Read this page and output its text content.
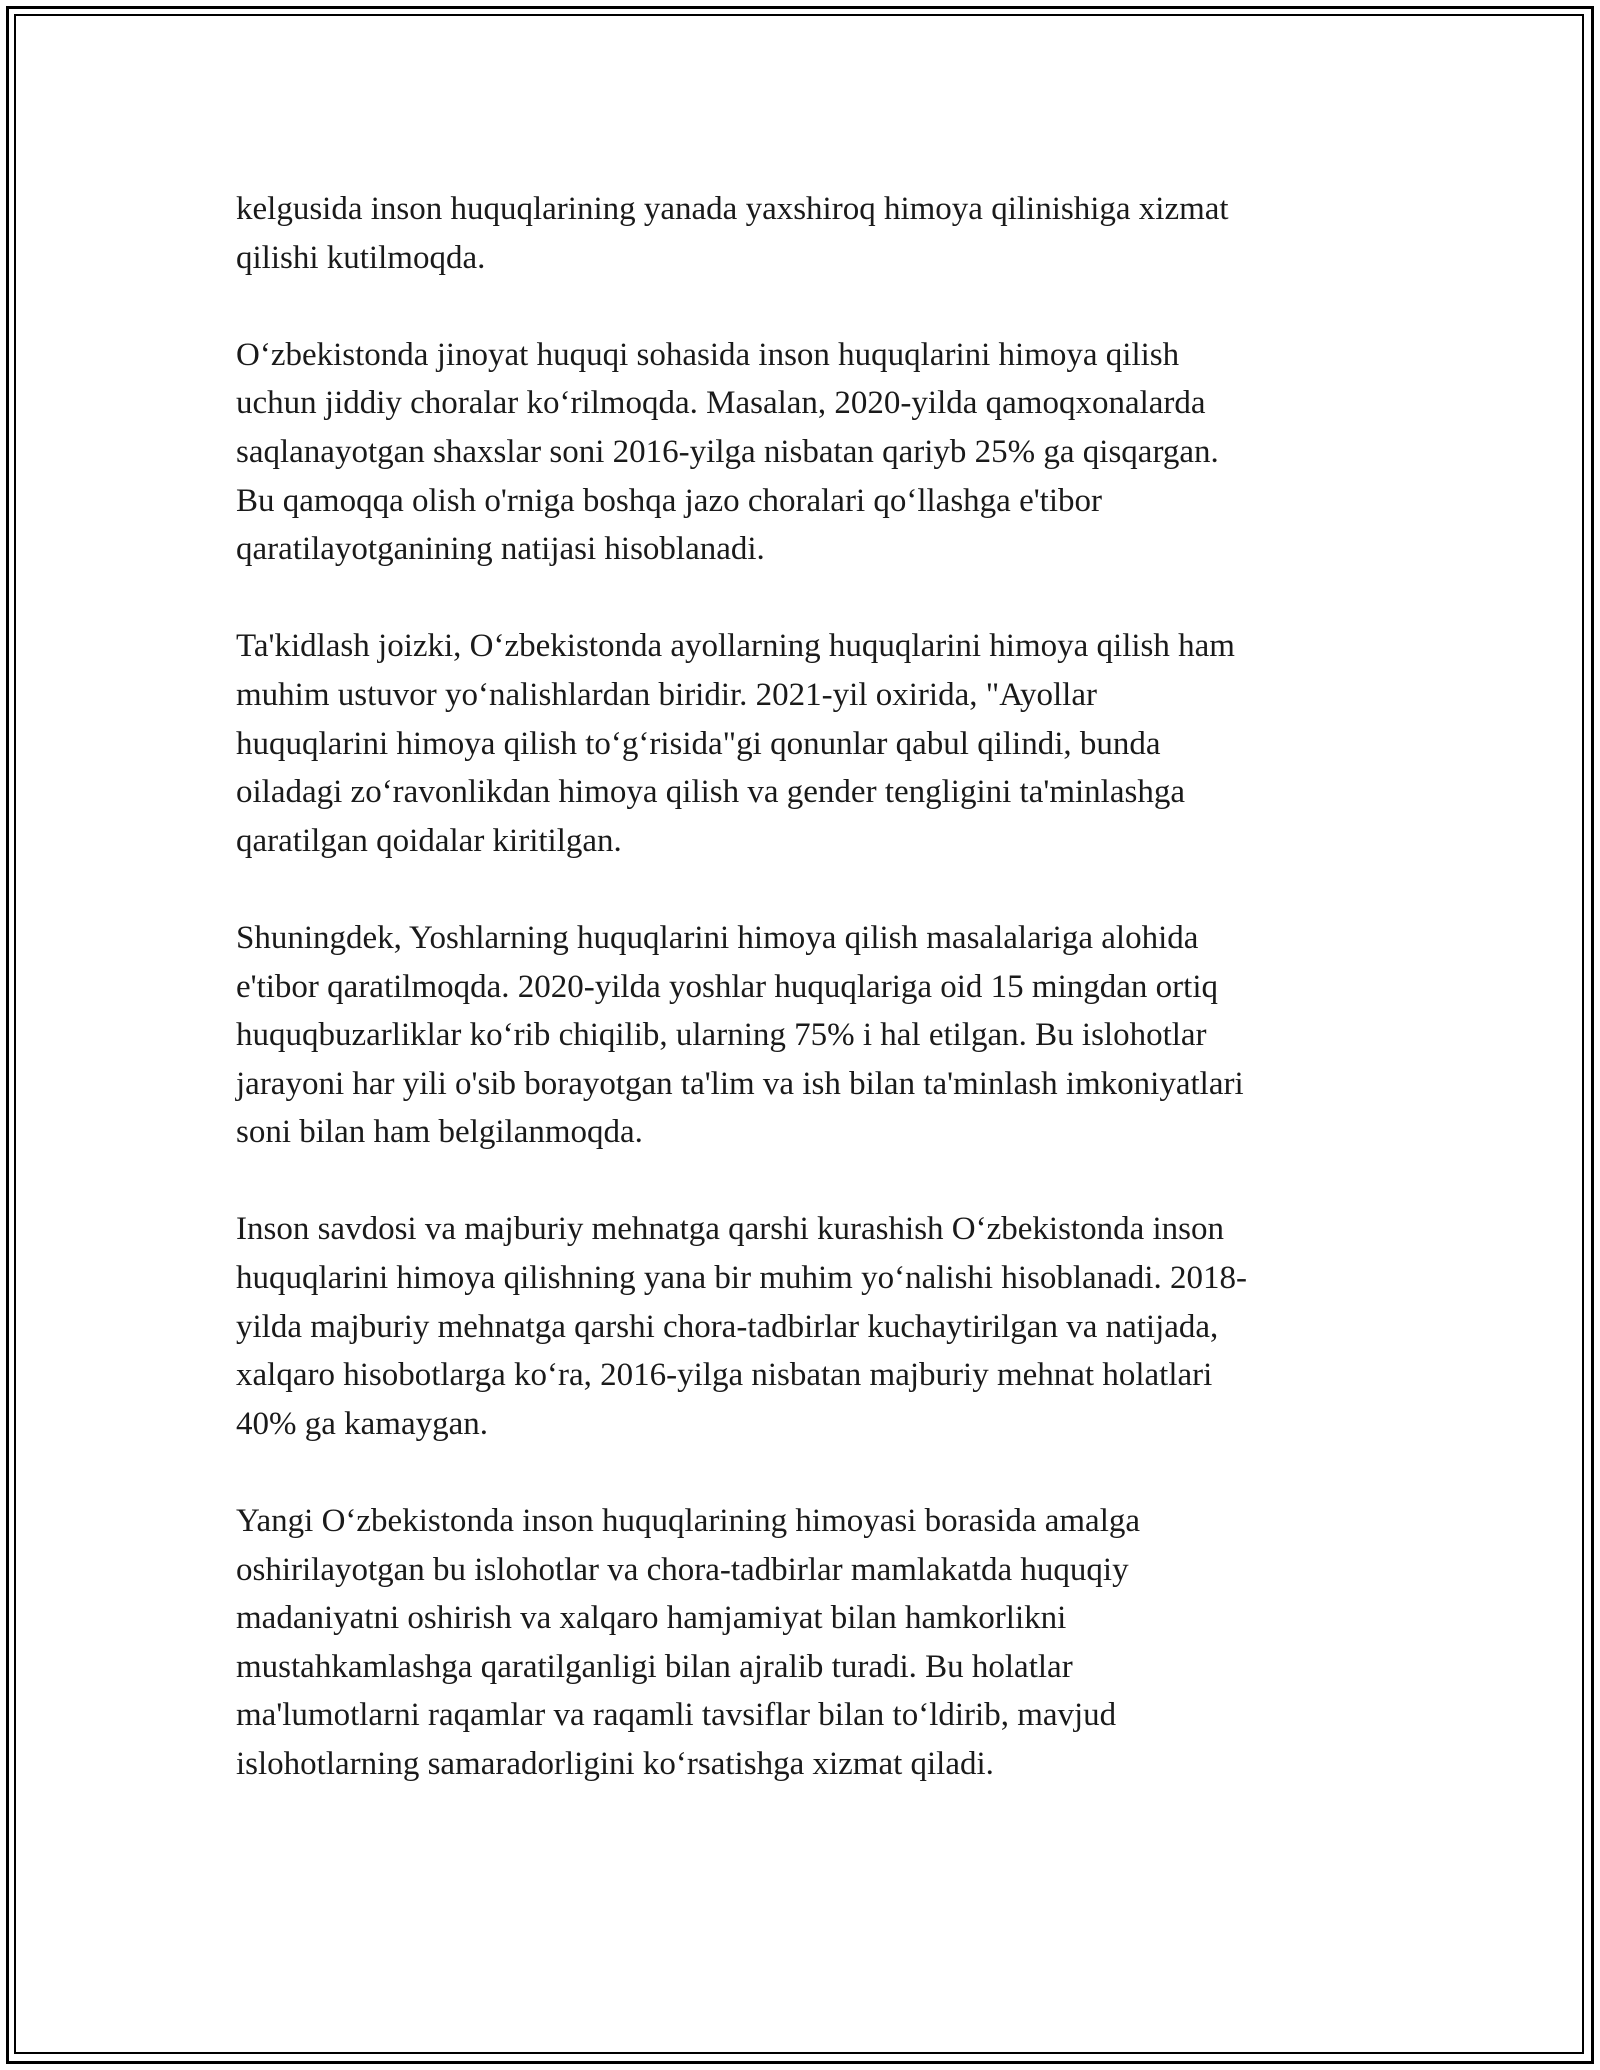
kelgusida inson huquqlarining yanada yaxshiroq himoya qilinishiga xizmat
qilishi kutilmoqda.

O‘zbekistonda jinoyat huquqi sohasida inson huquqlarini himoya qilish
uchun jiddiy choralar ko‘rilmoqda. Masalan, 2020-yilda qamoqxonalarda
saqlanayotgan shaxslar soni 2016-yilga nisbatan qariyb 25% ga qisqargan.
Bu qamoqqa olish o'rniga boshqa jazo choralari qo‘llashga e'tibor
qaratilayotganining natijasi hisoblanadi.

Ta'kidlash joizki, O‘zbekistonda ayollarning huquqlarini himoya qilish ham
muhim ustuvor yo‘nalishlardan biridir. 2021-yil oxirida, "Ayollar
huquqlarini himoya qilish to‘g‘risida"gi qonunlar qabul qilindi, bunda
oiladagi zo‘ravonlikdan himoya qilish va gender tengligini ta'minlashga
qaratilgan qoidalar kiritilgan.

Shuningdek, Yoshlarning huquqlarini himoya qilish masalalariga alohida
e'tibor qaratilmoqda. 2020-yilda yoshlar huquqlariga oid 15 mingdan ortiq
huquqbuzarliklar ko‘rib chiqilib, ularning 75% i hal etilgan. Bu islohotlar
jarayoni har yili o'sib borayotgan ta'lim va ish bilan ta'minlash imkoniyatlari
soni bilan ham belgilanmoqda.

Inson savdosi va majburiy mehnatga qarshi kurashish O‘zbekistonda inson
huquqlarini himoya qilishning yana bir muhim yo‘nalishi hisoblanadi. 2018-
yilda majburiy mehnatga qarshi chora-tadbirlar kuchaytirilgan va natijada,
xalqaro hisobotlarga ko‘ra, 2016-yilga nisbatan majburiy mehnat holatlari
40% ga kamaygan.

Yangi O‘zbekistonda inson huquqlarining himoyasi borasida amalga
oshirilayotgan bu islohotlar va chora-tadbirlar mamlakatda huquqiy
madaniyatni oshirish va xalqaro hamjamiyat bilan hamkorlikni
mustahkamlashga qaratilganligi bilan ajralib turadi. Bu holatlar
ma'lumotlarni raqamlar va raqamli tavsiflar bilan to‘ldirib, mavjud
islohotlarning samaradorligini ko‘rsatishga xizmat qiladi.
